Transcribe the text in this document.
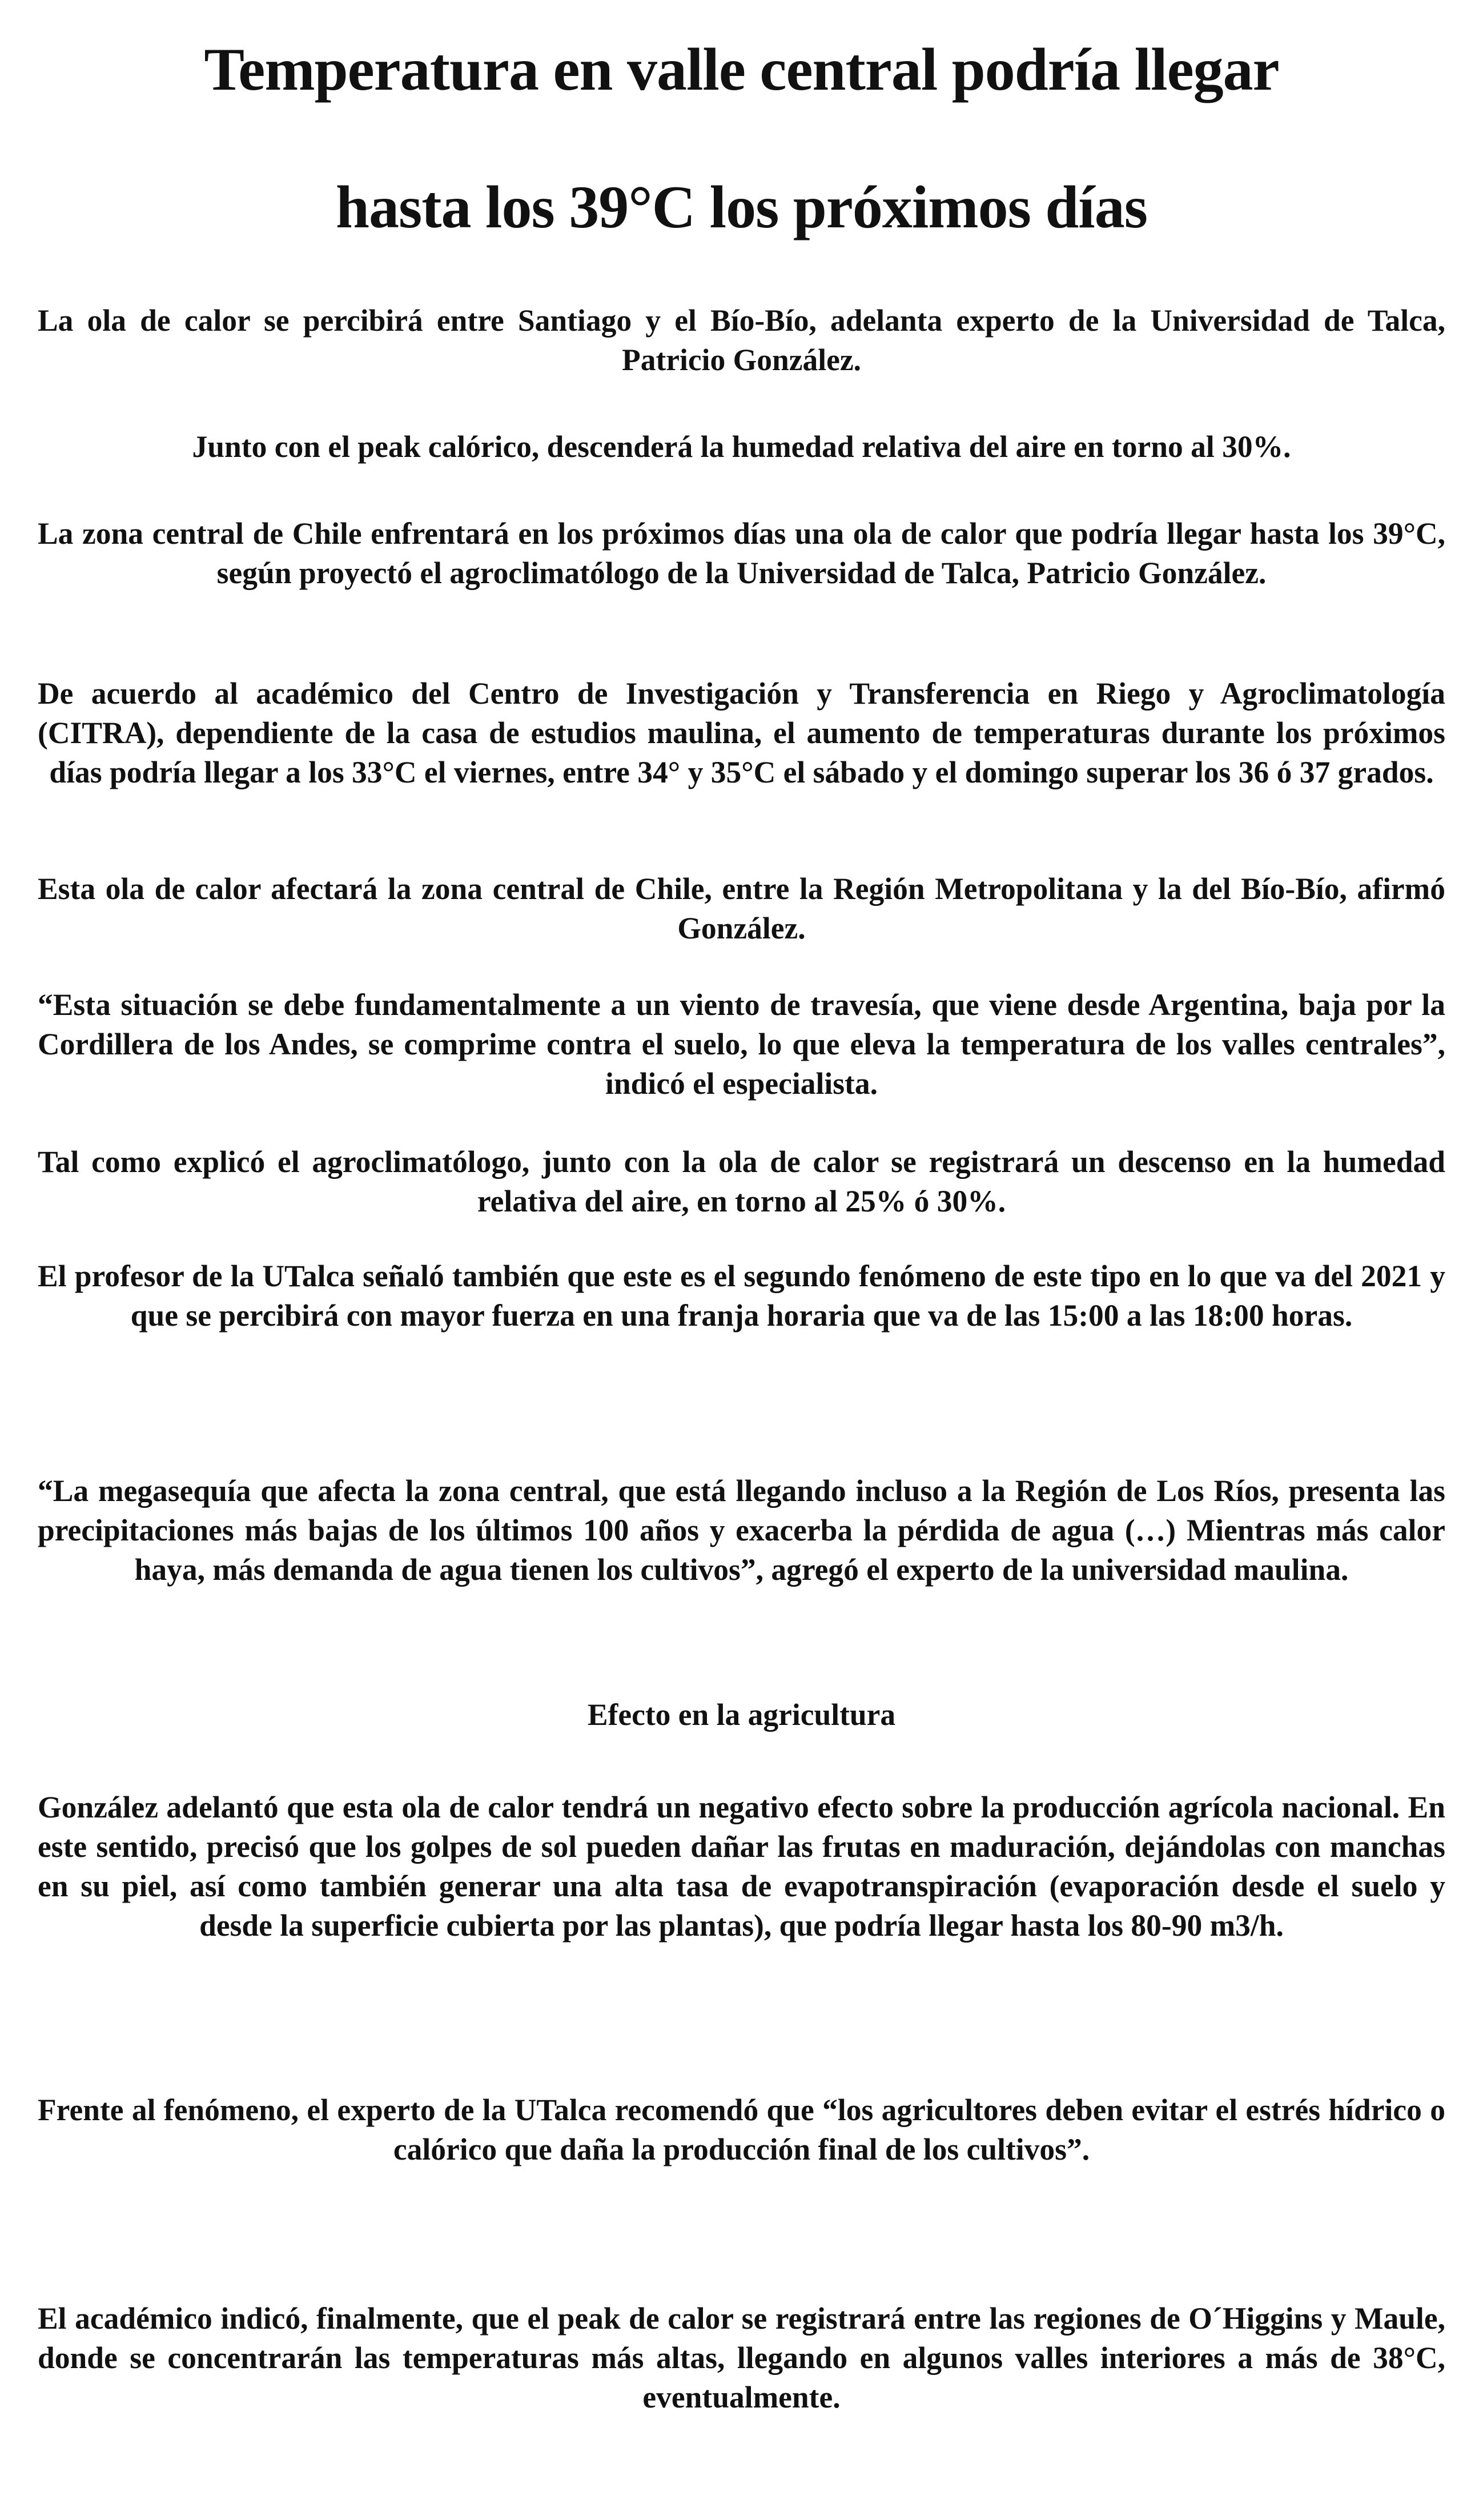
Temperatura en valle central podría llegar
hasta los 39°C los próximos días

La ola de calor se percibirá entre Santiago y el Bío-Bío, adelanta experto de la Universidad de Talca, Patricio González.

Junto con el peak calórico, descenderá la humedad relativa del aire en torno al 30%.

La zona central de Chile enfrentará en los próximos días una ola de calor que podría llegar hasta los 39°C, según proyectó el agroclimatólogo de la Universidad de Talca, Patricio González.

De acuerdo al académico del Centro de Investigación y Transferencia en Riego y Agroclimatología (CITRA), dependiente de la casa de estudios maulina, el aumento de temperaturas durante los próximos días podría llegar a los 33°C el viernes, entre 34° y 35°C el sábado y el domingo superar los 36 ó 37 grados.

Esta ola de calor afectará la zona central de Chile, entre la Región Metropolitana y la del Bío-Bío, afirmó González.

“Esta situación se debe fundamentalmente a un viento de travesía, que viene desde Argentina, baja por la Cordillera de los Andes, se comprime contra el suelo, lo que eleva la temperatura de los valles centrales”, indicó el especialista.

Tal como explicó el agroclimatólogo, junto con la ola de calor se registrará un descenso en la humedad relativa del aire, en torno al 25% ó 30%.

El profesor de la UTalca señaló también que este es el segundo fenómeno de este tipo en lo que va del 2021 y que se percibirá con mayor fuerza en una franja horaria que va de las 15:00 a las 18:00 horas.

“La megasequía que afecta la zona central, que está llegando incluso a la Región de Los Ríos, presenta las precipitaciones más bajas de los últimos 100 años y exacerba la pérdida de agua (…) Mientras más calor haya, más demanda de agua tienen los cultivos”, agregó el experto de la universidad maulina.

Efecto en la agricultura

González adelantó que esta ola de calor tendrá un negativo efecto sobre la producción agrícola nacional. En este sentido, precisó que los golpes de sol pueden dañar las frutas en maduración, dejándolas con manchas en su piel, así como también generar una alta tasa de evapotranspiración (evaporación desde el suelo y desde la superficie cubierta por las plantas), que podría llegar hasta los 80-90 m3/h.

Frente al fenómeno, el experto de la UTalca recomendó que “los agricultores deben evitar el estrés hídrico o calórico que daña la producción final de los cultivos”.

El académico indicó, finalmente, que el peak de calor se registrará entre las regiones de O´Higgins y Maule, donde se concentrarán las temperaturas más altas, llegando en algunos valles interiores a más de 38°C, eventualmente.
